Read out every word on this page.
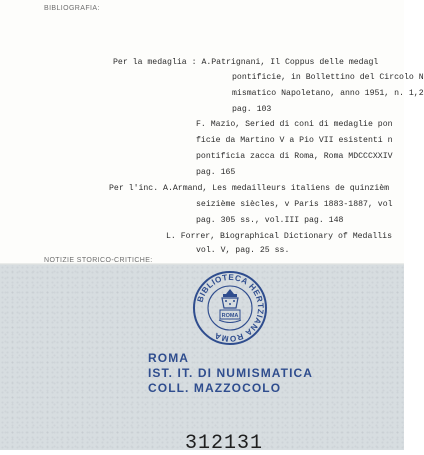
BIBLIOGRAFIA:
NOTIZIE STORICO-CRITICHE:
Per la medaglia : A.Patrignani, Il Coppus delle medagl
pontificie, in Bollettino del Circolo N
mismatico Napoletano, anno 1951, n. 1,2
pag. 103
F. Mazio, Seried di coni di medaglie pon
ficie da Martino V a Pio VII esistenti n
pontificia zacca di Roma, Roma MDCCCXXIV
pag. 165
Per l'inc. A.Armand, Les medailleurs italiens de quinzièm
seizième siècles, v Paris 1883-1887, vol
pag. 305 ss., vol.III pag. 148
L. Forrer, Biographical Dictionary of Medallis
vol. V, pag. 25 ss.
BIBLIOTECA HERTZIANA ROMA
ROMA
ROMA
IST. IT. DI NUMISMATICA
COLL. MAZZOCOLO
312131
